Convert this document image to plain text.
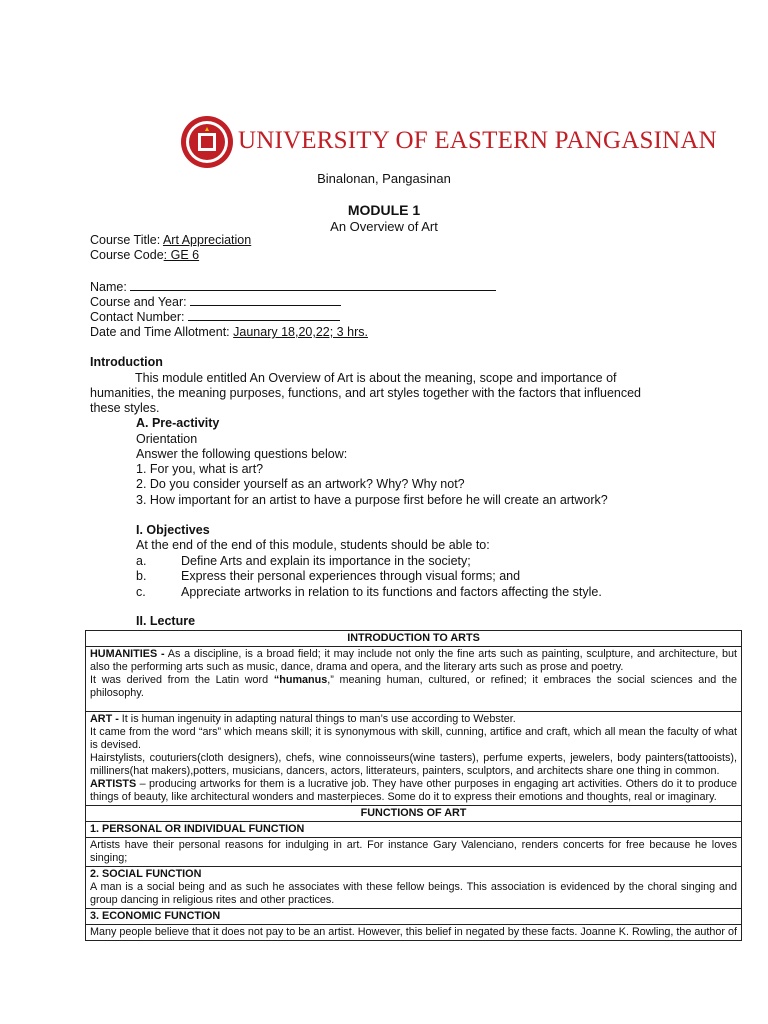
UNIVERSITY OF EASTERN PANGASINAN
Binalonan, Pangasinan
MODULE 1
An Overview of Art
Course Title: Art Appreciation
Course Code: GE 6
Name:
Course and Year:
Contact Number:
Date and Time Allotment: Jaunary 18,20,22; 3 hrs.
Introduction
This module entitled An Overview of Art is about the meaning, scope and importance of humanities, the meaning purposes, functions, and art styles together with the factors that influenced these styles.
A. Pre-activity
Orientation
Answer the following questions below:
1. For you, what is art?
2. Do you consider yourself as an artwork? Why? Why not?
3. How important for an artist to have a purpose first before he will create an artwork?
I. Objectives
At the end of the end of this module, students should be able to:
a.	Define Arts and explain its importance in the society;
b.	Express their personal experiences through visual forms; and
c.	Appreciate artworks in relation to its functions and factors affecting the style.
II. Lecture
INTRODUCTION TO ARTS
HUMANITIES - As a discipline, is a broad field; it may include not only the fine arts such as painting, sculpture, and architecture, but also the performing arts such as music, dance, drama and opera, and the literary arts such as prose and poetry.
It was derived from the Latin word “humanus,” meaning human, cultured, or refined; it embraces the social sciences and the philosophy.
ART - It is human ingenuity in adapting natural things to man’s use according to Webster.
It came from the word “ars” which means skill; it is synonymous with skill, cunning, artifice and craft, which all mean the faculty of what is devised.
Hairstylists, couturiers(cloth designers), chefs, wine connoisseurs(wine tasters), perfume experts, jewelers, body painters(tattooists), milliners(hat makers),potters, musicians, dancers, actors, litterateurs, painters, sculptors, and architects share one thing in common.
ARTISTS – producing artworks for them is a lucrative job. They have other purposes in engaging art activities. Others do it to produce things of beauty, like architectural wonders and masterpieces. Some do it to express their emotions and thoughts, real or imaginary.
FUNCTIONS OF ART

1. PERSONAL OR INDIVIDUAL FUNCTION

Artists have their personal reasons for indulging in art. For instance Gary Valenciano, renders concerts for free because he loves singing;

2. SOCIAL FUNCTION
A man is a social being and as such he associates with these fellow beings. This association is evidenced by the choral singing and group dancing in religious rites and other practices.

3. ECONOMIC FUNCTION

Many people believe that it does not pay to be an artist. However, this belief in negated by these facts. Joanne K. Rowling, the author of
